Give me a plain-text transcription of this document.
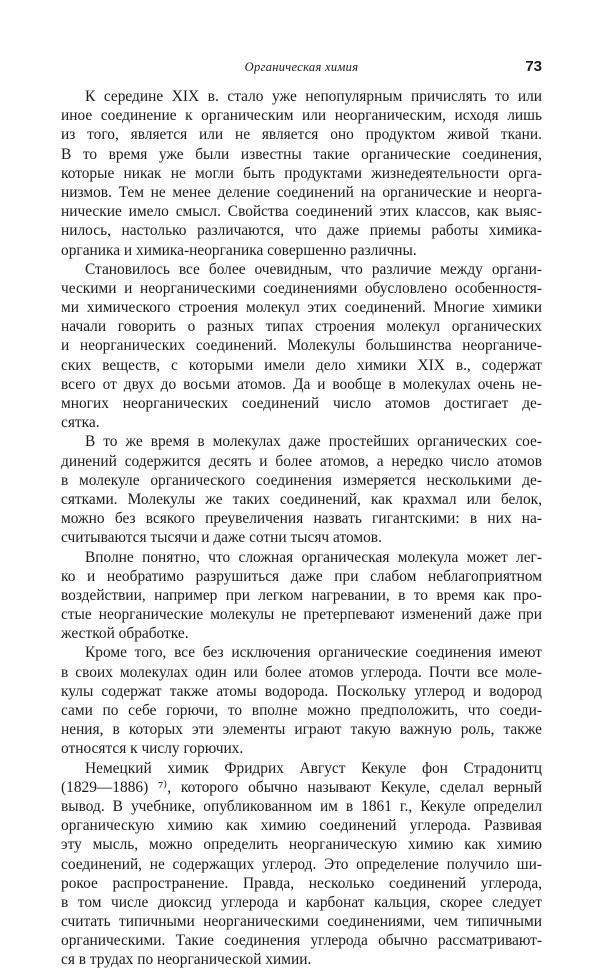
Органическая химия	73
К середине XIX в. стало уже непопулярным причислять то или
иное соединение к органическим или неорганическим, исходя лишь
из того, является или не является оно продуктом живой ткани.
В то время уже были известны такие органические соединения,
которые никак не могли быть продуктами жизнедеятельности орга-
низмов. Тем не менее деление соединений на органические и неорга-
нические имело смысл. Свойства соединений этих классов, как выяс-
нилось, настолько различаются, что даже приемы работы химика-
органика и химика-неорганика совершенно различны.
Становилось все более очевидным, что различие между органи-
ческими и неорганическими соединениями обусловлено особенностя-
ми химического строения молекул этих соединений. Многие химики
начали говорить о разных типах строения молекул органических
и неорганических соединений. Молекулы большинства неорганиче-
ских веществ, с которыми имели дело химики XIX в., содержат
всего от двух до восьми атомов. Да и вообще в молекулах очень не-
многих неорганических соединений число атомов достигает де-
сятка.
В то же время в молекулах даже простейших органических сое-
динений содержится десять и более атомов, а нередко число атомов
в молекуле органического соединения измеряется несколькими де-
сятками. Молекулы же таких соединений, как крахмал или белок,
можно без всякого преувеличения назвать гигантскими: в них на-
считываются тысячи и даже сотни тысяч атомов.
Вполне понятно, что сложная органическая молекула может лег-
ко и необратимо разрушиться даже при слабом неблагоприятном
воздействии, например при легком нагревании, в то время как про-
стые неорганические молекулы не претерпевают изменений даже при
жесткой обработке.
Кроме того, все без исключения органические соединения имеют
в своих молекулах один или более атомов углерода. Почти все моле-
кулы содержат также атомы водорода. Поскольку углерод и водород
сами по себе горючи, то вполне можно предположить, что соеди-
нения, в которых эти элементы играют такую важную роль, также
относятся к числу горючих.
Немецкий химик Фридрих Август Кекуле фон Страдонитц
(1829—1886) ⁷⁾, которого обычно называют Кекуле, сделал верный
вывод. В учебнике, опубликованном им в 1861 г., Кекуле определил
органическую химию как химию соединений углерода. Развивая
эту мысль, можно определить неорганическую химию как химию
соединений, не содержащих углерод. Это определение получило ши-
рокое распространение. Правда, несколько соединений углерода,
в том числе диоксид углерода и карбонат кальция, скорее следует
считать типичными неорганическими соединениями, чем типичными
органическими. Такие соединения углерода обычно рассматривают-
ся в трудах по неорганической химии.
